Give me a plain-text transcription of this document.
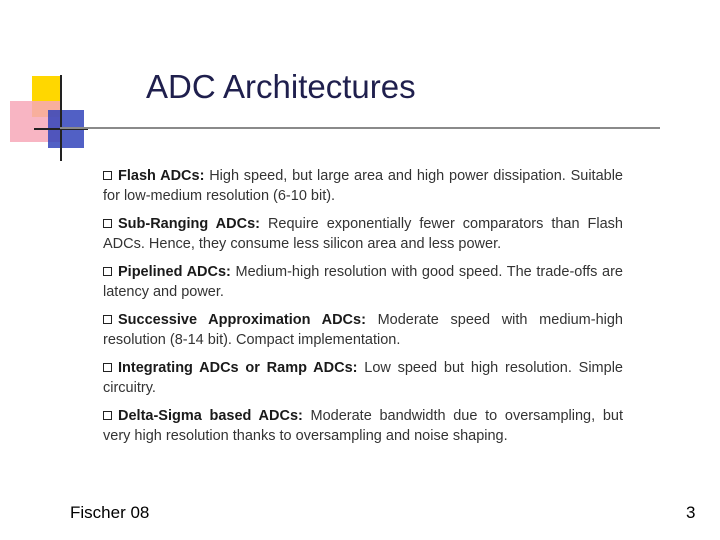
ADC Architectures
Flash ADCs: High speed, but large area and high power dissipation. Suitable for low-medium resolution (6-10 bit).
Sub-Ranging ADCs: Require exponentially fewer comparators than Flash ADCs. Hence, they consume less silicon area and less power.
Pipelined ADCs: Medium-high resolution with good speed. The trade-offs are latency and power.
Successive Approximation ADCs: Moderate speed with medium-high resolution (8-14 bit). Compact implementation.
Integrating ADCs or Ramp ADCs: Low speed but high resolution. Simple circuitry.
Delta-Sigma based ADCs: Moderate bandwidth due to oversampling, but very high resolution thanks to oversampling and noise shaping.
Fischer 08	3
